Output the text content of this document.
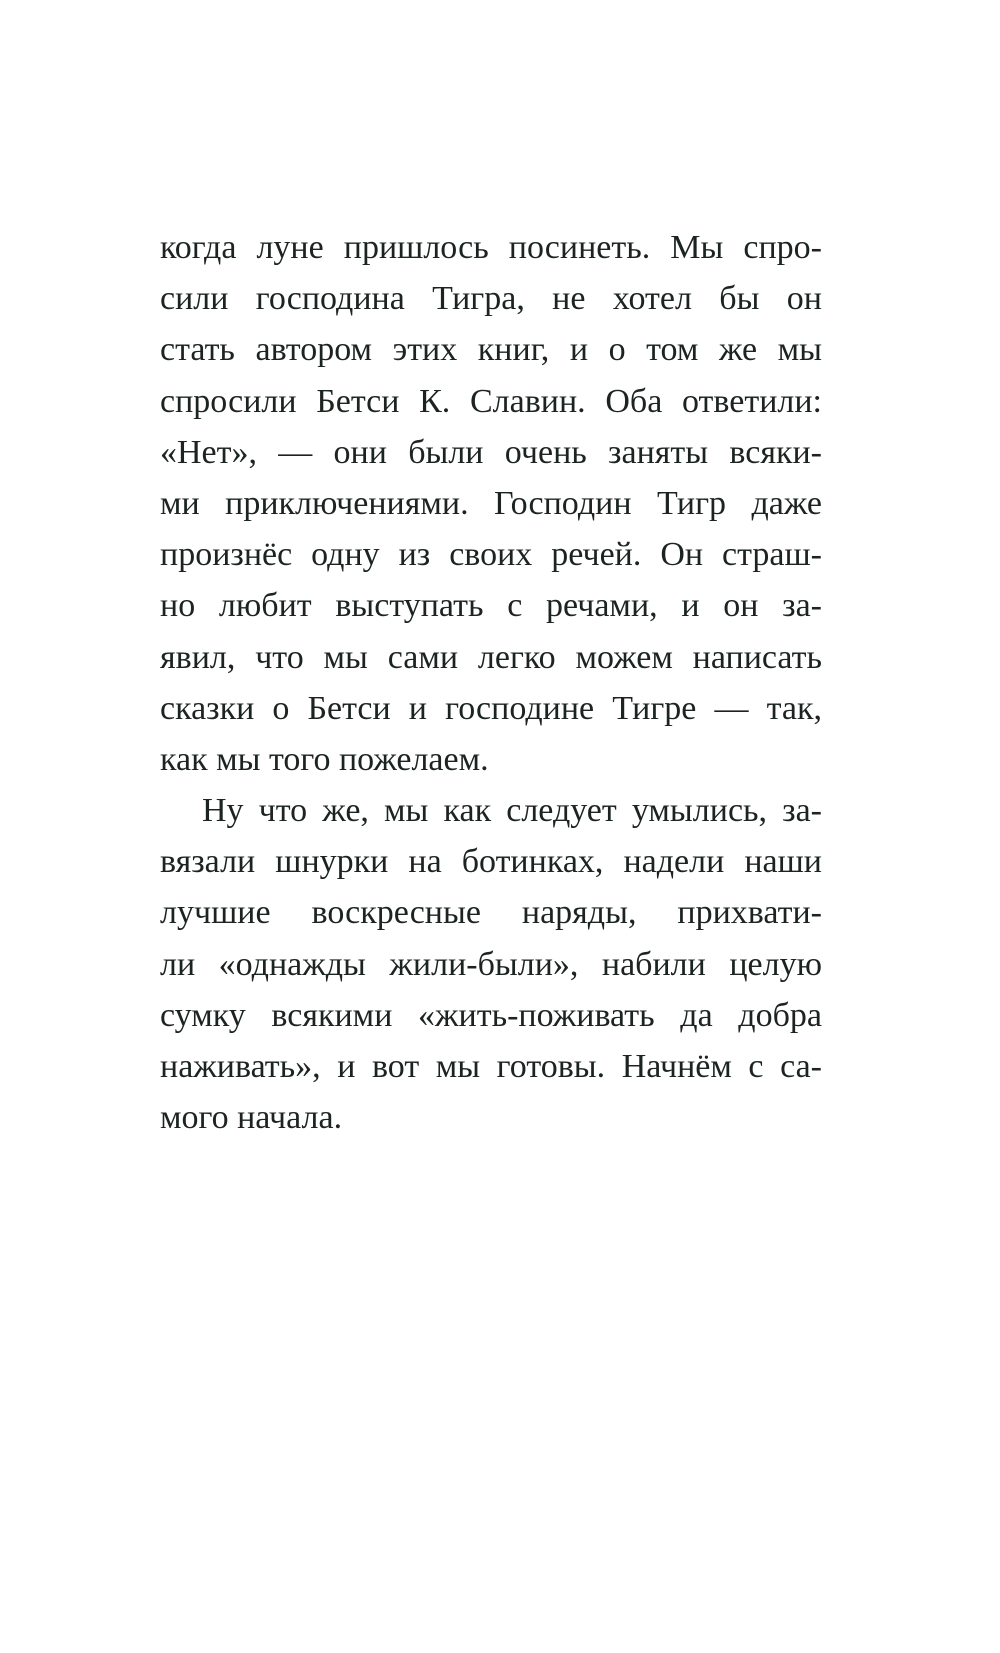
когда луне пришлось посинеть. Мы спро-
сили господина Тигра, не хотел бы он
стать автором этих книг, и о том же мы
спросили Бетси К. Славин. Оба ответили:
«Нет», — они были очень заняты всяки-
ми приключениями. Господин Тигр даже
произнёс одну из своих речей. Он страш-
но любит выступать с речами, и он за-
явил, что мы сами легко можем написать
сказки о Бетси и господине Тигре — так,
как мы того пожелаем.
Ну что же, мы как следует умылись, за-
вязали шнурки на ботинках, надели наши
лучшие воскресные наряды, прихвати-
ли «однажды жили-были», набили целую
сумку всякими «жить-поживать да добра
наживать», и вот мы готовы. Начнём с са-
мого начала.
